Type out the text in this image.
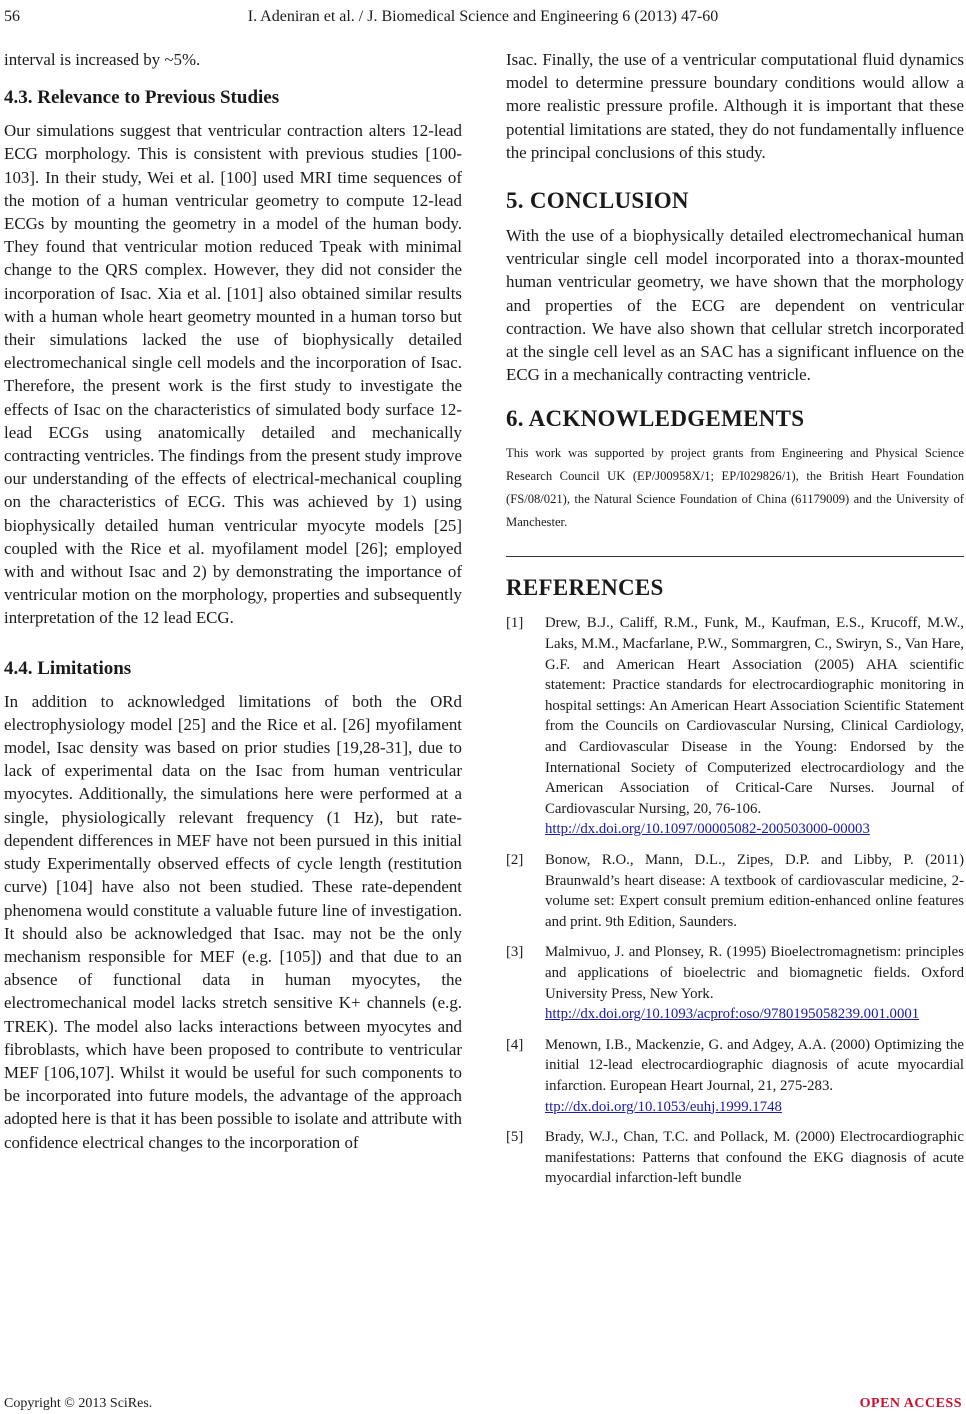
56	I. Adeniran et al. / J. Biomedical Science and Engineering 6 (2013) 47-60

interval is increased by ~5%.

4.3. Relevance to Previous Studies

Our simulations suggest that ventricular contraction alters 12-lead ECG morphology. This is consistent with previous studies [100-103]. In their study, Wei et al. [100] used MRI time sequences of the motion of a human ventricular geometry to compute 12-lead ECGs by mounting the geometry in a model of the human body. They found that ventricular motion reduced Tpeak with minimal change to the QRS complex. However, they did not consider the incorporation of Isac. Xia et al. [101] also obtained similar results with a human whole heart geometry mounted in a human torso but their simulations lacked the use of biophysically detailed electromechanical single cell models and the incorporation of Isac. Therefore, the present work is the first study to investigate the effects of Isac on the characteristics of simulated body surface 12-lead ECGs using anatomically detailed and mechanically contracting ventricles. The findings from the present study improve our understanding of the effects of electrical-mechanical coupling on the characteristics of ECG. This was achieved by 1) using biophysically detailed human ventricular myocyte models [25] coupled with the Rice et al. myofilament model [26]; employed with and without Isac and 2) by demonstrating the importance of ventricular motion on the morphology, properties and subsequently interpretation of the 12 lead ECG.

4.4. Limitations

In addition to acknowledged limitations of both the ORd electrophysiology model [25] and the Rice et al. [26] myofilament model, Isac density was based on prior studies [19,28-31], due to lack of experimental data on the Isac from human ventricular myocytes. Additionally, the simulations here were performed at a single, physiologically relevant frequency (1 Hz), but rate-dependent differences in MEF have not been pursued in this initial study Experimentally observed effects of cycle length (restitution curve) [104] have also not been studied. These rate-dependent phenomena would constitute a valuable future line of investigation. It should also be acknowledged that Isac. may not be the only mechanism responsible for MEF (e.g. [105]) and that due to an absence of functional data in human myocytes, the electromechanical model lacks stretch sensitive K+ channels (e.g. TREK). The model also lacks interactions between myocytes and fibroblasts, which have been proposed to contribute to ventricular MEF [106,107]. Whilst it would be useful for such components to be incorporated into future models, the advantage of the approach adopted here is that it has been possible to isolate and attribute with confidence electrical changes to the incorporation of

Isac. Finally, the use of a ventricular computational fluid dynamics model to determine pressure boundary conditions would allow a more realistic pressure profile. Although it is important that these potential limitations are stated, they do not fundamentally influence the principal conclusions of this study.

5. CONCLUSION

With the use of a biophysically detailed electromechanical human ventricular single cell model incorporated into a thorax-mounted human ventricular geometry, we have shown that the morphology and properties of the ECG are dependent on ventricular contraction. We have also shown that cellular stretch incorporated at the single cell level as an SAC has a significant influence on the ECG in a mechanically contracting ventricle.

6. ACKNOWLEDGEMENTS

This work was supported by project grants from Engineering and Physical Science Research Council UK (EP/J00958X/1; EP/I029826/1), the British Heart Foundation (FS/08/021), the Natural Science Foundation of China (61179009) and the University of Manchester.

REFERENCES
[1] Drew, B.J., Califf, R.M., Funk, M., Kaufman, E.S., Krucoff, M.W., Laks, M.M., Macfarlane, P.W., Sommargren, C., Swiryn, S., Van Hare, G.F. and American Heart Association (2005) AHA scientific statement: Practice standards for electrocardiographic monitoring in hospital settings: An American Heart Association Scientific Statement from the Councils on Cardiovascular Nursing, Clinical Cardiology, and Cardiovascular Disease in the Young: Endorsed by the International Society of Computerized electrocardiology and the American Association of Critical-Care Nurses. Journal of Cardiovascular Nursing, 20, 76-106.
http://dx.doi.org/10.1097/00005082-200503000-00003
[2] Bonow, R.O., Mann, D.L., Zipes, D.P. and Libby, P. (2011) Braunwald’s heart disease: A textbook of cardiovascular medicine, 2-volume set: Expert consult premium edition-enhanced online features and print. 9th Edition, Saunders.
[3] Malmivuo, J. and Plonsey, R. (1995) Bioelectromagnetism: principles and applications of bioelectric and biomagnetic fields. Oxford University Press, New York.
http://dx.doi.org/10.1093/acprof:oso/9780195058239.001.0001
[4] Menown, I.B., Mackenzie, G. and Adgey, A.A. (2000) Optimizing the initial 12-lead electrocardiographic diagnosis of acute myocardial infarction. European Heart Journal, 21, 275-283.
ttp://dx.doi.org/10.1053/euhj.1999.1748
[5] Brady, W.J., Chan, T.C. and Pollack, M. (2000) Electrocardiographic manifestations: Patterns that confound the EKG diagnosis of acute myocardial infarction-left bundle
Copyright © 2013 SciRes.	OPEN ACCESS
